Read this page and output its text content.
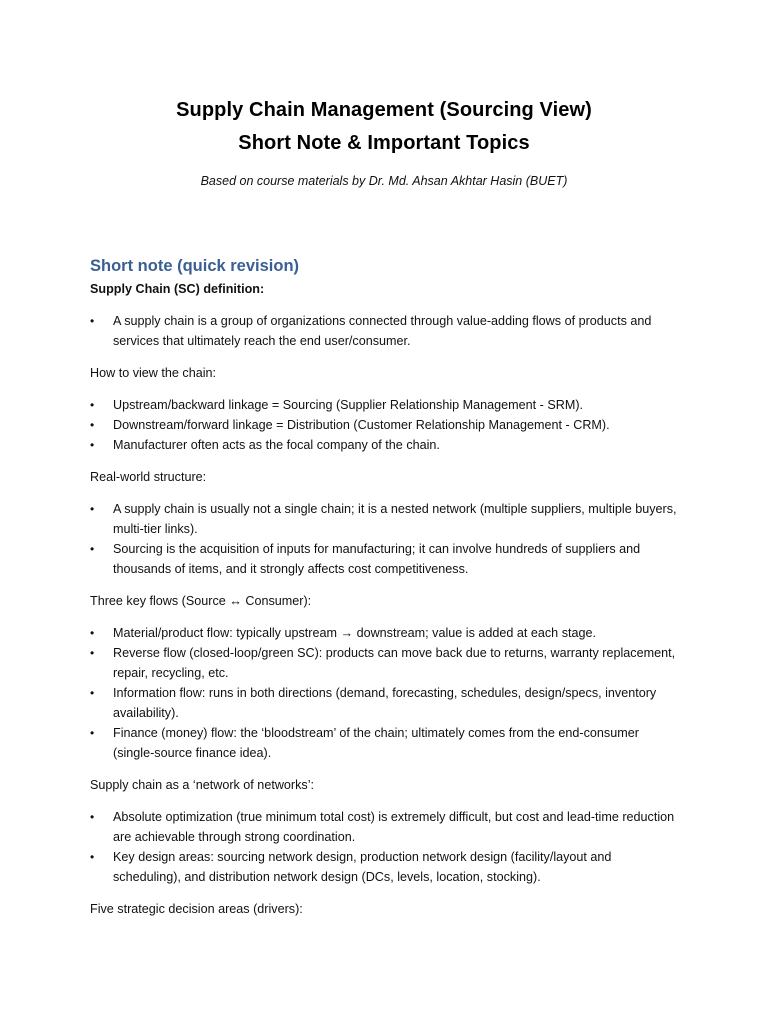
Supply Chain Management (Sourcing View)
Short Note & Important Topics
Based on course materials by Dr. Md. Ahsan Akhtar Hasin (BUET)
Short note (quick revision)
Supply Chain (SC) definition:
• A supply chain is a group of organizations connected through value-adding flows of products and services that ultimately reach the end user/consumer.
How to view the chain:
• Upstream/backward linkage = Sourcing (Supplier Relationship Management - SRM).
• Downstream/forward linkage = Distribution (Customer Relationship Management - CRM).
• Manufacturer often acts as the focal company of the chain.
Real-world structure:
• A supply chain is usually not a single chain; it is a nested network (multiple suppliers, multiple buyers, multi-tier links).
• Sourcing is the acquisition of inputs for manufacturing; it can involve hundreds of suppliers and thousands of items, and it strongly affects cost competitiveness.
Three key flows (Source ↔ Consumer):
• Material/product flow: typically upstream → downstream; value is added at each stage.
• Reverse flow (closed-loop/green SC): products can move back due to returns, warranty replacement, repair, recycling, etc.
• Information flow: runs in both directions (demand, forecasting, schedules, design/specs, inventory availability).
• Finance (money) flow: the ‘bloodstream’ of the chain; ultimately comes from the end-consumer (single-source finance idea).
Supply chain as a ‘network of networks’:
• Absolute optimization (true minimum total cost) is extremely difficult, but cost and lead-time reduction are achievable through strong coordination.
• Key design areas: sourcing network design, production network design (facility/layout and scheduling), and distribution network design (DCs, levels, location, stocking).
Five strategic decision areas (drivers):
